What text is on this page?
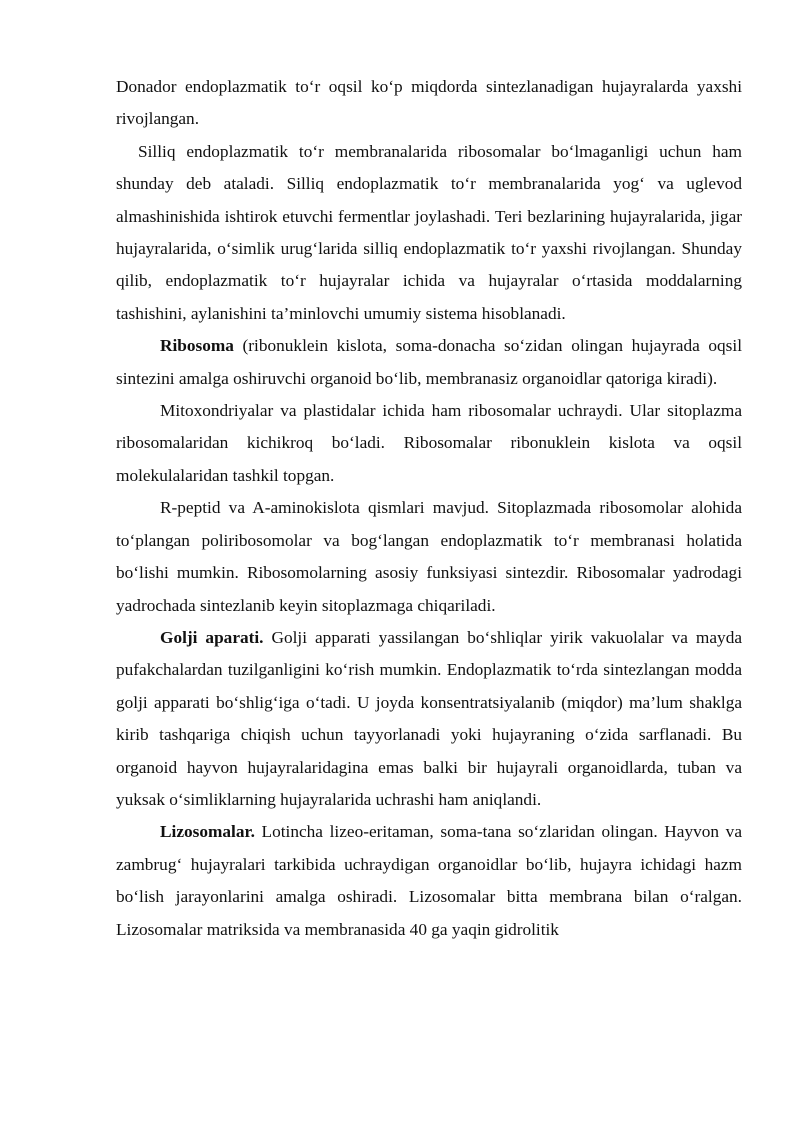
Donador endoplazmatik to‘r oqsil ko‘p miqdorda sintezlanadigan hujayralarda yaxshi rivojlangan.

Silliq endoplazmatik to‘r membranalarida ribosomalar bo‘lmaganligi uchun ham shunday deb ataladi. Silliq endoplazmatik to‘r membranalarida yog‘ va uglevod almashinishida ishtirok etuvchi fermentlar joylashadi. Teri bezlarining hujayralarida, jigar hujayralarida, o‘simlik urug‘larida silliq endoplazmatik to‘r yaxshi rivojlangan. Shunday qilib, endoplazmatik to‘r hujayralar ichida va hujayralar o‘rtasida moddalarning tashishini, aylanishini ta’minlovchi umumiy sistema hisoblanadi.

Ribosoma (ribonuklein kislota, soma-donacha so‘zidan olingan hujayrada oqsil sintezini amalga oshiruvchi organoid bo‘lib, membranasiz organoidlar qatoriga kiradi).

Mitoxondriyalar va plastidalar ichida ham ribosomalar uchraydi. Ular sitoplazma ribosomalaridan kichikroq bo‘ladi. Ribosomalar ribonuklein kislota va oqsil molekulalaridan tashkil topgan.

R-peptid va A-aminokislota qismlari mavjud. Sitoplazmada ribosomolar alohida to‘plangan poliribosomolar va bog‘langan endoplazmatik to‘r membranasi holatida bo‘lishi mumkin. Ribosomolarning asosiy funksiyasi sintezdir. Ribosomalar yadrodagi yadrochada sintezlanib keyin sitoplazmaga chiqariladi.

Golji aparati. Golji apparati yassilangan bo‘shliqlar yirik vakuolalar va mayda pufakchalardan tuzilganligini ko‘rish mumkin. Endoplazmatik to‘rda sintezlangan modda golji apparati bo‘shlig‘iga o‘tadi. U joyda konsentratsiyalanib (miqdor) ma’lum shaklga kirib tashqariga chiqish uchun tayyorlanadi yoki hujayraning o‘zida sarflanadi. Bu organoid hayvon hujayralaridagina emas balki bir hujayrali organoidlarda, tuban va yuksak o‘simliklarning hujayralarida uchrashi ham aniqlandi.

Lizosomalar. Lotincha lizeo-eritaman, soma-tana so‘zlaridan olingan. Hayvon va zambrug‘ hujayralari tarkibida uchraydigan organoidlar bo‘lib, hujayra ichidagi hazm bo‘lish jarayonlarini amalga oshiradi. Lizosomalar bitta membrana bilan o‘ralgan. Lizosomalar matriksida va membranasida 40 ga yaqin gidrolitik
